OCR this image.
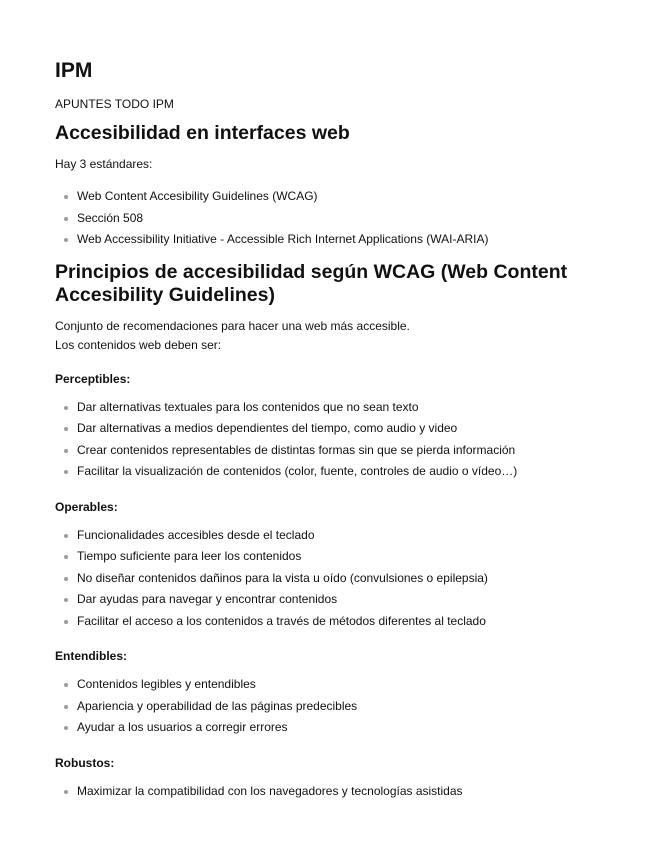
IPM

APUNTES TODO IPM

Accesibilidad en interfaces web

Hay 3 estándares:

Web Content Accesibility Guidelines (WCAG)
Sección 508
Web Accessibility Initiative - Accessible Rich Internet Applications (WAI-ARIA)
Principios de accesibilidad según WCAG (Web Content Accesibility Guidelines)

Conjunto de recomendaciones para hacer una web más accesible.
Los contenidos web deben ser:

Perceptibles:
Dar alternativas textuales para los contenidos que no sean texto
Dar alternativas a medios dependientes del tiempo, como audio y video
Crear contenidos representables de distintas formas sin que se pierda información
Facilitar la visualización de contenidos (color, fuente, controles de audio o vídeo…)
Operables:
Funcionalidades accesibles desde el teclado
Tiempo suficiente para leer los contenidos
No diseñar contenidos dañinos para la vista u oído (convulsiones o epilepsia)
Dar ayudas para navegar y encontrar contenidos
Facilitar el acceso a los contenidos a través de métodos diferentes al teclado
Entendibles:
Contenidos legibles y entendibles
Apariencia y operabilidad de las páginas predecibles
Ayudar a los usuarios a corregir errores
Robustos:
Maximizar la compatibilidad con los navegadores y tecnologías asistidas
